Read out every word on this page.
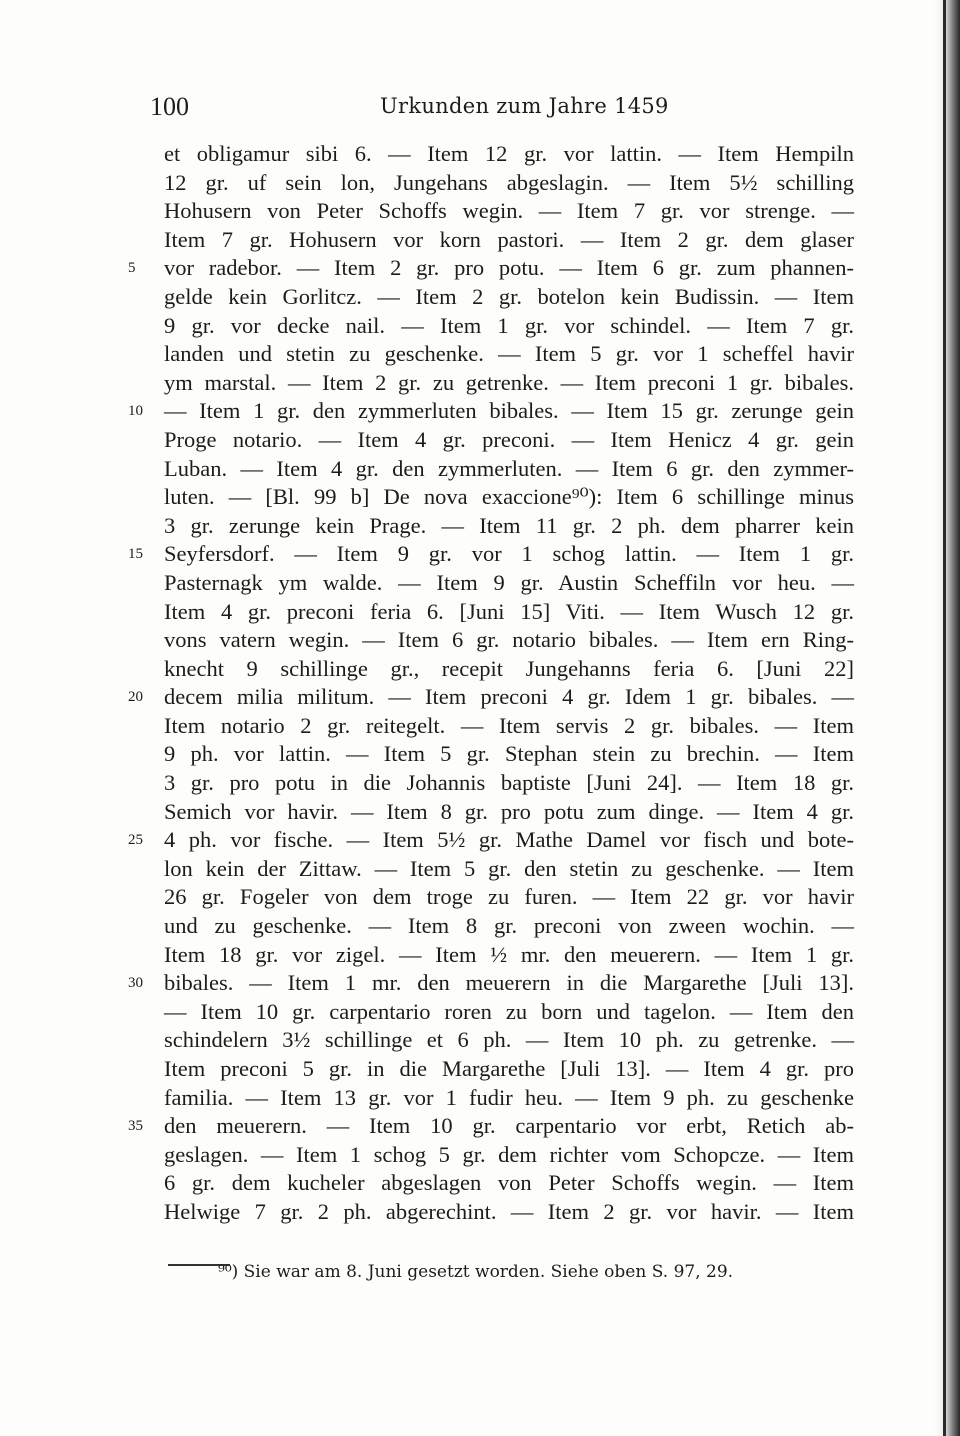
100	Urkunden zum Jahre 1459
et obligamur sibi 6. — Item 12 gr. vor lattin. — Item Hempiln
12 gr. uf sein lon, Jungehans abgeslagin. — Item 5½ schilling
Hohusern von Peter Schoffs wegin. — Item 7 gr. vor strenge. —
Item 7 gr. Hohusern vor korn pastori. — Item 2 gr. dem glaser
5	vor radebor. — Item 2 gr. pro potu. — Item 6 gr. zum phannen-
gelde kein Gorlitcz. — Item 2 gr. botelon kein Budissin. — Item
9 gr. vor decke nail. — Item 1 gr. vor schindel. — Item 7 gr.
landen und stetin zu geschenke. — Item 5 gr. vor 1 scheffel havir
ym marstal. — Item 2 gr. zu getrenke. — Item preconi 1 gr. bibales.
10 — Item 1 gr. den zymmerluten bibales. — Item 15 gr. zerunge gein
Proge notario. — Item 4 gr. preconi. — Item Henicz 4 gr. gein
Luban. — Item 4 gr. den zymmerluten. — Item 6 gr. den zymmer-
luten. — [Bl. 99 b] De nova exaccione⁹⁰): Item 6 schillinge minus
3 gr. zerunge kein Prage. — Item 11 gr. 2 ph. dem pharrer kein
15 Seyfersdorf. — Item 9 gr. vor 1 schog lattin. — Item 1 gr.
Pasternagk ym walde. — Item 9 gr. Austin Scheffiln vor heu. —
Item 4 gr. preconi feria 6. [Juni 15] Viti. — Item Wusch 12 gr.
vons vatern wegin. — Item 6 gr. notario bibales. — Item ern Ring-
knecht 9 schillinge gr., recepit Jungehanns feria 6. [Juni 22]
20 decem milia militum. — Item preconi 4 gr. Idem 1 gr. bibales. —
Item notario 2 gr. reitegelt. — Item servis 2 gr. bibales. — Item
9 ph. vor lattin. — Item 5 gr. Stephan stein zu brechin. — Item
3 gr. pro potu in die Johannis baptiste [Juni 24]. — Item 18 gr.
Semich vor havir. — Item 8 gr. pro potu zum dinge. — Item 4 gr.
25 4 ph. vor fische. — Item 5½ gr. Mathe Damel vor fisch und bote-
lon kein der Zittaw. — Item 5 gr. den stetin zu geschenke. — Item
26 gr. Fogeler von dem troge zu furen. — Item 22 gr. vor havir
und zu geschenke. — Item 8 gr. preconi von zween wochin. —
Item 18 gr. vor zigel. — Item ½ mr. den meuerern. — Item 1 gr.
30 bibales. — Item 1 mr. den meuerern in die Margarethe [Juli 13].
— Item 10 gr. carpentario roren zu born und tagelon. — Item den
schindelern 3½ schillinge et 6 ph. — Item 10 ph. zu getrenke. —
Item preconi 5 gr. in die Margarethe [Juli 13]. — Item 4 gr. pro
familia. — Item 13 gr. vor 1 fudir heu. — Item 9 ph. zu geschenke
35 den meuerern. — Item 10 gr. carpentario vor erbt, Retich ab-
geslagen. — Item 1 schog 5 gr. dem richter vom Schopcze. — Item
6 gr. dem kucheler abgeslagen von Peter Schoffs wegin. — Item
Helwige 7 gr. 2 ph. abgerechint. — Item 2 gr. vor havir. — Item
⁹⁰) Sie war am 8. Juni gesetzt worden. Siehe oben S. 97, 29.
